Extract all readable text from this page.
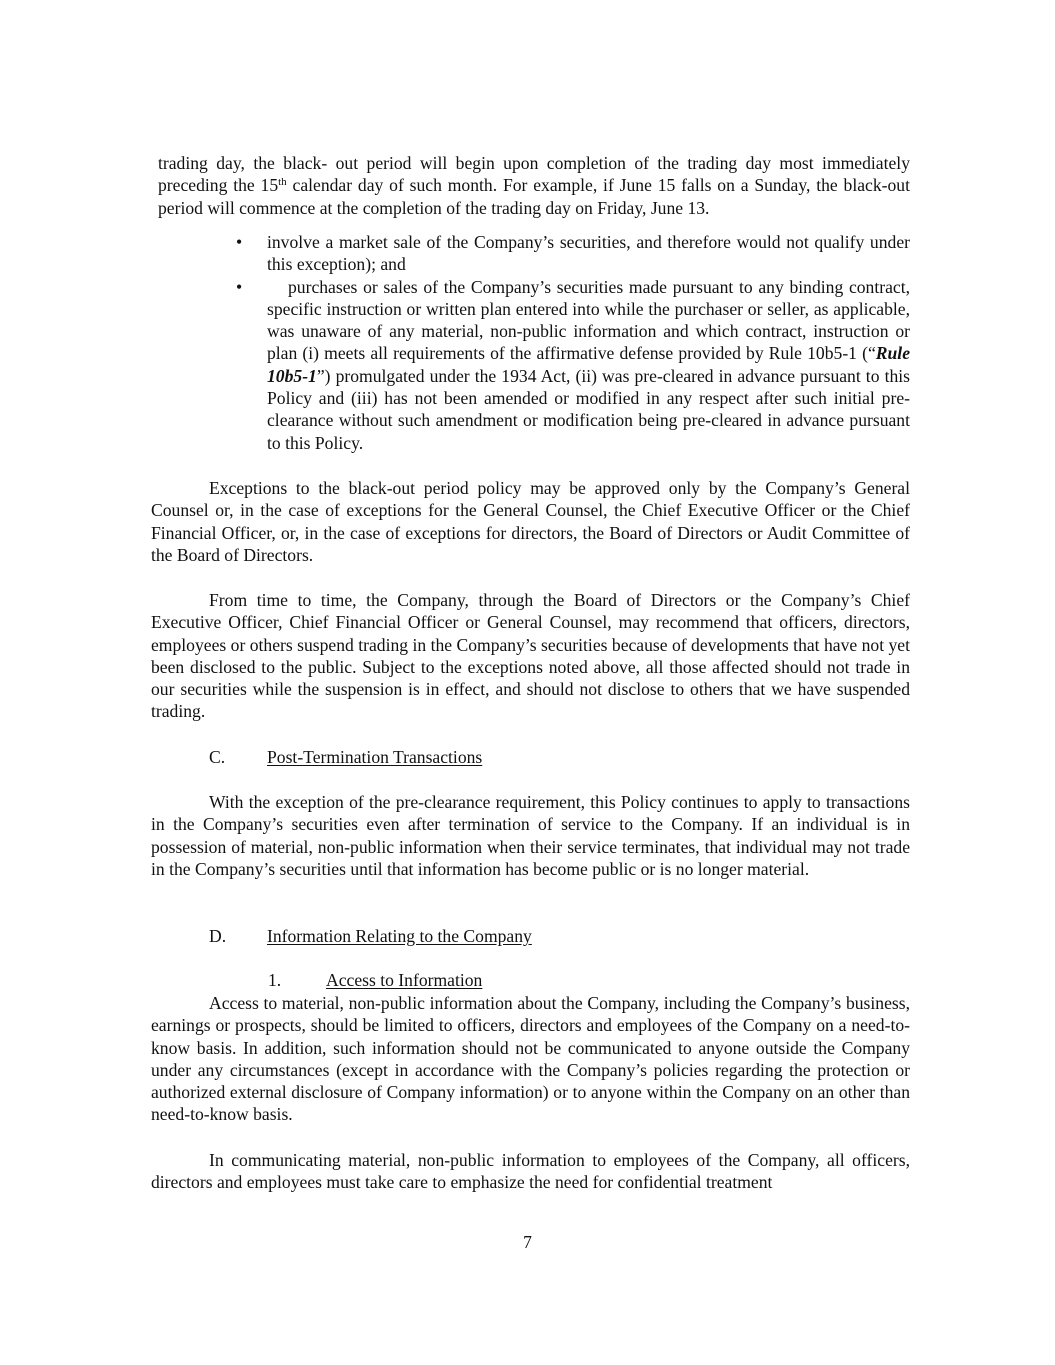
trading day, the black- out period will begin upon completion of the trading day most immediately preceding the 15th calendar day of such month. For example, if June 15 falls on a Sunday, the black-out period will commence at the completion of the trading day on Friday, June 13.

•	involve a market sale of the Company’s securities, and therefore would not qualify under this exception); and
•	purchases or sales of the Company’s securities made pursuant to any binding contract, specific instruction or written plan entered into while the purchaser or seller, as applicable, was unaware of any material, non-public information and which contract, instruction or plan (i) meets all requirements of the affirmative defense provided by Rule 10b5-1 (“Rule 10b5-1”) promulgated under the 1934 Act, (ii) was pre-cleared in advance pursuant to this Policy and (iii) has not been amended or modified in any respect after such initial pre-clearance without such amendment or modification being pre-cleared in advance pursuant to this Policy.

Exceptions to the black-out period policy may be approved only by the Company’s General Counsel or, in the case of exceptions for the General Counsel, the Chief Executive Officer or the Chief Financial Officer, or, in the case of exceptions for directors, the Board of Directors or Audit Committee of the Board of Directors.

From time to time, the Company, through the Board of Directors or the Company’s Chief Executive Officer, Chief Financial Officer or General Counsel, may recommend that officers, directors, employees or others suspend trading in the Company’s securities because of developments that have not yet been disclosed to the public. Subject to the exceptions noted above, all those affected should not trade in our securities while the suspension is in effect, and should not disclose to others that we have suspended trading.

C. Post-Termination Transactions

With the exception of the pre-clearance requirement, this Policy continues to apply to transactions in the Company’s securities even after termination of service to the Company. If an individual is in possession of material, non-public information when their service terminates, that individual may not trade in the Company’s securities until that information has become public or is no longer material.

D. Information Relating to the Company

1.	Access to Information

Access to material, non-public information about the Company, including the Company’s business, earnings or prospects, should be limited to officers, directors and employees of the Company on a need-to-know basis. In addition, such information should not be communicated to anyone outside the Company under any circumstances (except in accordance with the Company’s policies regarding the protection or authorized external disclosure of Company information) or to anyone within the Company on an other than need-to-know basis.

In communicating material, non-public information to employees of the Company, all officers, directors and employees must take care to emphasize the need for confidential treatment

7
